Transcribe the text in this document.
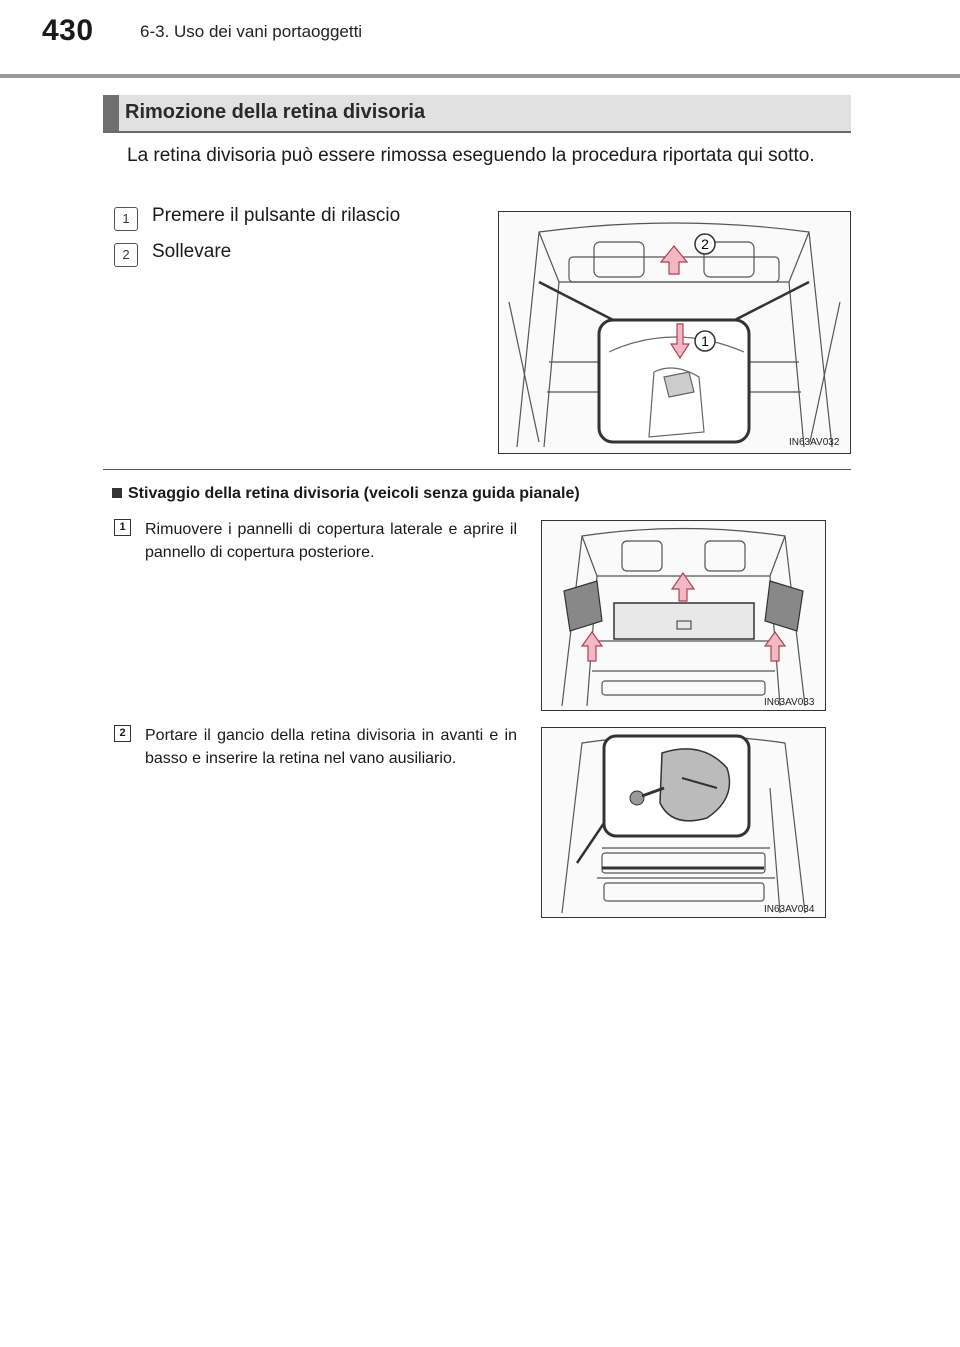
430	6-3. Uso dei vani portaoggetti
Rimozione della retina divisoria
La retina divisoria può essere rimossa eseguendo la procedura riportata qui sotto.
1	Premere il pulsante di rilascio
2	Sollevare
1
2
IN63AV032
Stivaggio della retina divisoria (veicoli senza guida pianale)
1	Rimuovere i pannelli di copertura laterale e aprire il pannello di copertura posteriore.
IN63AV033
2	Portare il gancio della retina divisoria in avanti e in basso e inserire la retina nel vano ausiliario.
IN63AV034
